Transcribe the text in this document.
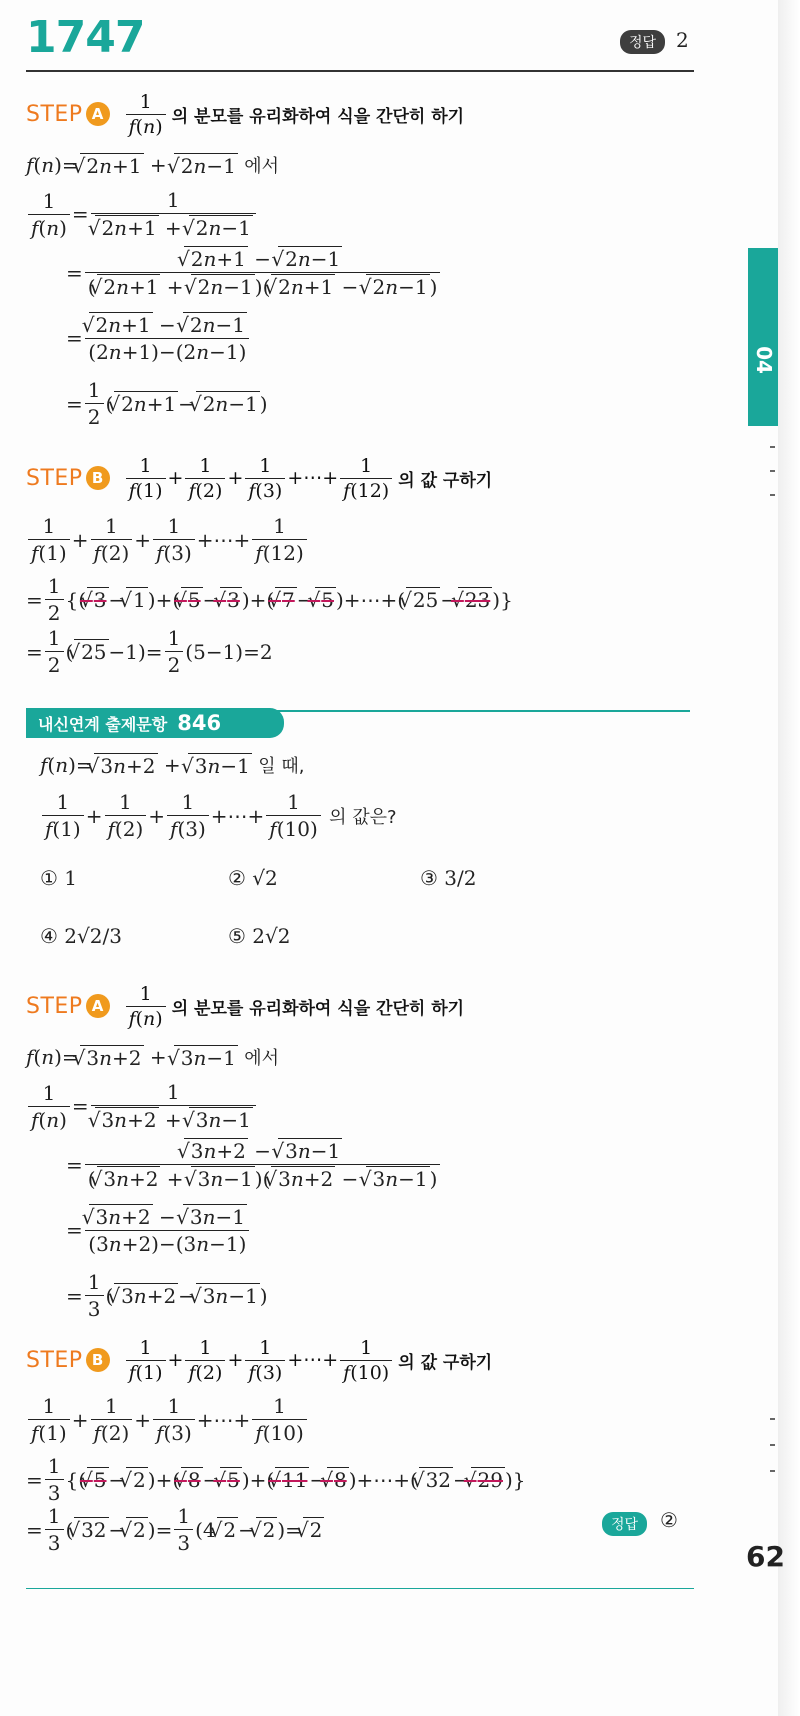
1747	정답 2
STEP A	$\frac{1}{f(n)}$ 의 분모를 유리화하여 식을 간단히 하기
f(n)= √ 2n+1 + √ 2n−1
에서
$\frac{1}{f(n)} = 1$
√ 2n+1 + √ 2n−1
= √ $\frac{2n+1 - √ 2n-1}{( √ 2n+1 + √ 2n-1 )( √ 2n+1 - √ 2n-1 )}$
= √ $\frac{2n+1 - √ 2n-1}{(2n+1)-(2n-1)}$
= $\frac{1}{2}$ ( √ 2n+1 − √ 2n−1 )
STEP B	$\frac{1}{f(1)} + \frac{1}{f(2)} + \frac{1}{f(3)}$ +⋯+ $\frac{1}{f(12)}$ 의 값 구하기
$\frac{1}{f(1)} + \frac{1}{f(2)} + \frac{1}{f(3)}$ +⋯+ $\frac{1}{f(12)}$
= $\frac{1}{2}$ {( √ 3 − √ 1 )+( √ 5 − √ 3 )+( √ 7 − √ 5 )+⋯+( √ 25 − √ 23 )}
= $\frac{1}{2}$ ( √ $25 -1)= \frac{1}{2} (5-1)=2$
내신연계 출제문항 846
f(n)= √ 3n+2 + √ 3n−1
일 때,
$\frac{1}{f(1)} + \frac{1}{f(2)} + \frac{1}{f(3)}$ +⋯+ $\frac{1}{f(10)}$
의 값은?
① 1	② √2	③ 3/2
④ 2√2/3	⑤ 2√2
STEP A	$\frac{1}{f(n)}$ 의 분모를 유리화하여 식을 간단히 하기
f(n)= √ 3n+2 + √ 3n−1
에서
$\frac{1}{f(n)} = 1$
√ 3n+2 + √ 3n−1
= √ $\frac{3n+2 - √ 3n-1}{( √ 3n+2 + √ 3n-1 )( √ 3n+2 - √ 3n-1 )}$
= √ $\frac{3n+2 - √ 3n-1}{(3n+2)-(3n-1)}$
= $\frac{1}{3}$ ( √ 3n+2 − √ 3n−1 )
STEP B	$\frac{1}{f(1)} + \frac{1}{f(2)} + \frac{1}{f(3)}$ +⋯+ $\frac{1}{f(10)}$ 의 값 구하기
$\frac{1}{f(1)} + \frac{1}{f(2)} + \frac{1}{f(3)}$ +⋯+ $\frac{1}{f(10)}$
= $\frac{1}{3}$ {( √ 5 − √ 2 )+( √ 8 − √ 5 )+( √ 11 − √ 8 )+⋯+( √ 32 − √ 29 )}
= $\frac{1}{3}$ ( √ 32 − √ 2 )= $\frac{1}{3} (4$ √ 2 − √ 2 )= √ 2	정답	②
04
62
